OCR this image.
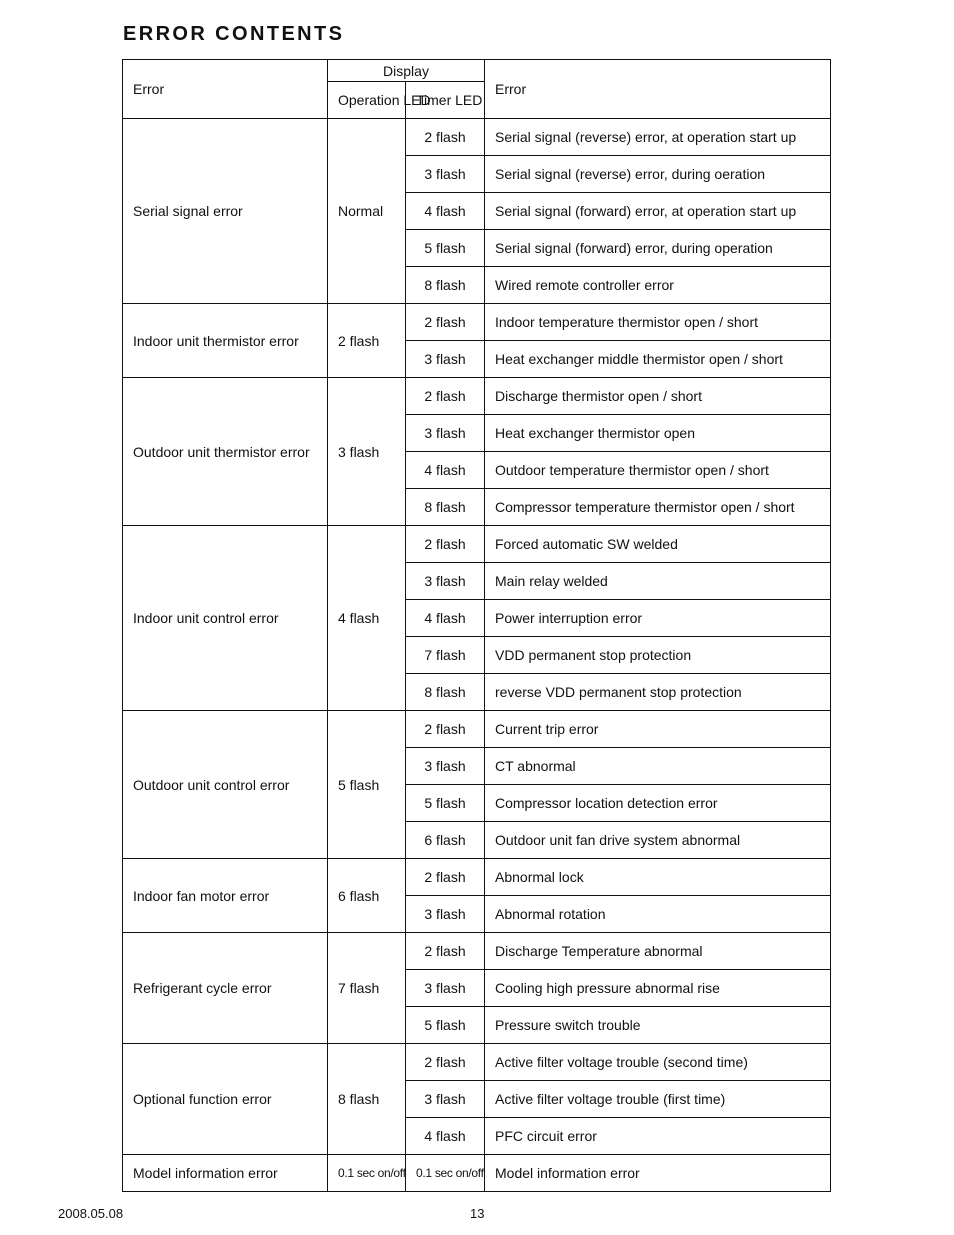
ERROR CONTENTS
Error	Display		Error
	Operation LED	Timer LED	
Serial signal error	Normal	2 flash	Serial signal (reverse) error, at operation start up
		3 flash	Serial signal (reverse) error, during oeration
		4 flash	Serial signal (forward) error, at operation start up
		5 flash	Serial signal (forward) error, during operation
		8 flash	Wired remote controller error
Indoor unit thermistor error	2 flash	2 flash	Indoor temperature thermistor open / short
		3 flash	Heat exchanger middle thermistor open / short
Outdoor unit thermistor error	3 flash	2 flash	Discharge thermistor open / short
		3 flash	Heat exchanger thermistor open
		4 flash	Outdoor temperature thermistor open / short
		8 flash	Compressor temperature thermistor open / short
Indoor unit control error	4 flash	2 flash	Forced automatic SW welded
		3 flash	Main relay welded
		4 flash	Power interruption error
		7 flash	VDD permanent stop protection
		8 flash	reverse VDD permanent stop protection
Outdoor unit control error	5 flash	2 flash	Current trip error
		3 flash	CT abnormal
		5 flash	Compressor location detection error
		6 flash	Outdoor unit fan drive system abnormal
Indoor fan motor error	6 flash	2 flash	Abnormal lock
		3 flash	Abnormal rotation
Refrigerant cycle error	7 flash	2 flash	Discharge Temperature abnormal
		3 flash	Cooling high pressure abnormal rise
		5 flash	Pressure switch trouble
Optional function error	8 flash	2 flash	Active filter voltage trouble (second time)
		3 flash	Active filter voltage trouble (first time)
		4 flash	PFC circuit error
Model information error	0.1 sec on/off	0.1 sec on/off	Model information error
2008.05.08	13
